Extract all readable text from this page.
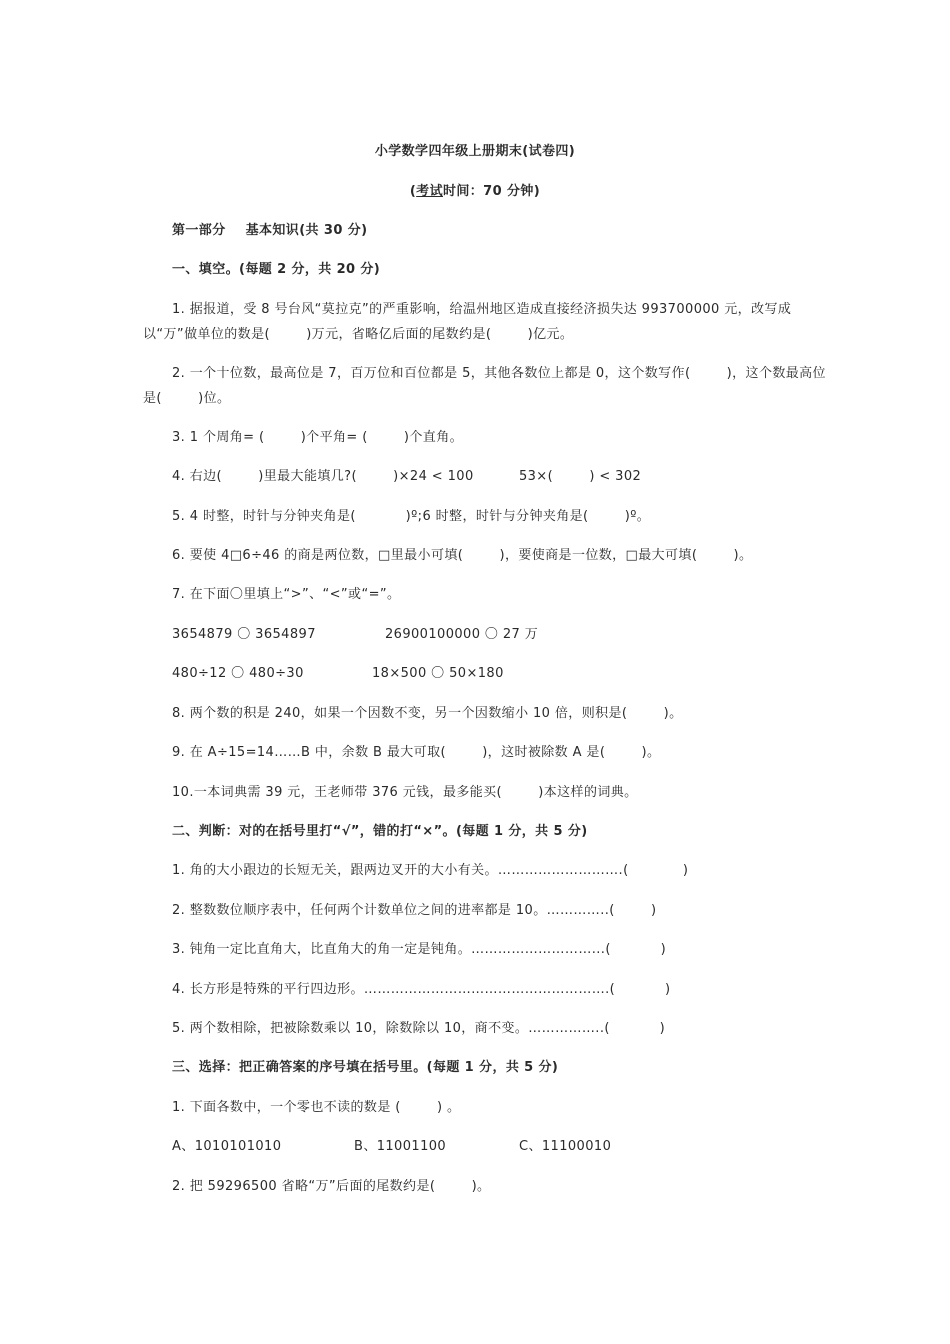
小学数学四年级上册期末(试卷四)
(考试时间：70 分钟)
第一部分 基本知识(共 30 分)
一、填空。(每题 2 分，共 20 分)
1. 据报道，受 8 号台风“莫拉克”的严重影响，给温州地区造成直接经济损失达 993700000 元，改写成
以“万”做单位的数是(        )万元，省略亿后面的尾数约是(        )亿元。
2. 一个十位数，最高位是 7，百万位和百位都是 5，其他各数位上都是 0，这个数写作(        )，这个数最高位
是(        )位。
3. 1 个周角= (        )个平角= (        )个直角。
4. 右边(        )里最大能填几?(        )×24 < 100          53×(        ) < 302
5. 4 时整，时针与分钟夹角是(           )º;6 时整，时针与分钟夹角是(        )º。
6. 要使 4□6÷46 的商是两位数，□里最小可填(        )，要使商是一位数，□最大可填(        )。
7. 在下面〇里填上“>”、“<”或“=”。
3654879 〇 3654897	26900100000 〇 27 万
480÷12 〇 480÷30	18×500 〇 50×180
8. 两个数的积是 240，如果一个因数不变，另一个因数缩小 10 倍，则积是(        )。
9. 在 A÷15=14……B 中，余数 B 最大可取(        )，这时被除数 A 是(        )。
10.一本词典需 39 元，王老师带 376 元钱，最多能买(        )本这样的词典。
二、判断：对的在括号里打“√”，错的打“×”。(每题 1 分，共 5 分)
1. 角的大小跟边的长短无关，跟两边叉开的大小有关。……………………….(            )
2. 整数数位顺序表中，任何两个计数单位之间的进率都是 10。…………..(        )
3. 钝角一定比直角大，比直角大的角一定是钝角。………………………...(           )
4. 长方形是特殊的平行四边形。……………………………………………….(           )
5. 两个数相除，把被除数乘以 10，除数除以 10，商不变。……………..(           )
三、选择：把正确答案的序号填在括号里。(每题 1 分，共 5 分)
1. 下面各数中，一个零也不读的数是 (        ) 。
A、1010101010	B、11001100	C、11100010
2. 把 59296500 省略“万”后面的尾数约是(        )。
